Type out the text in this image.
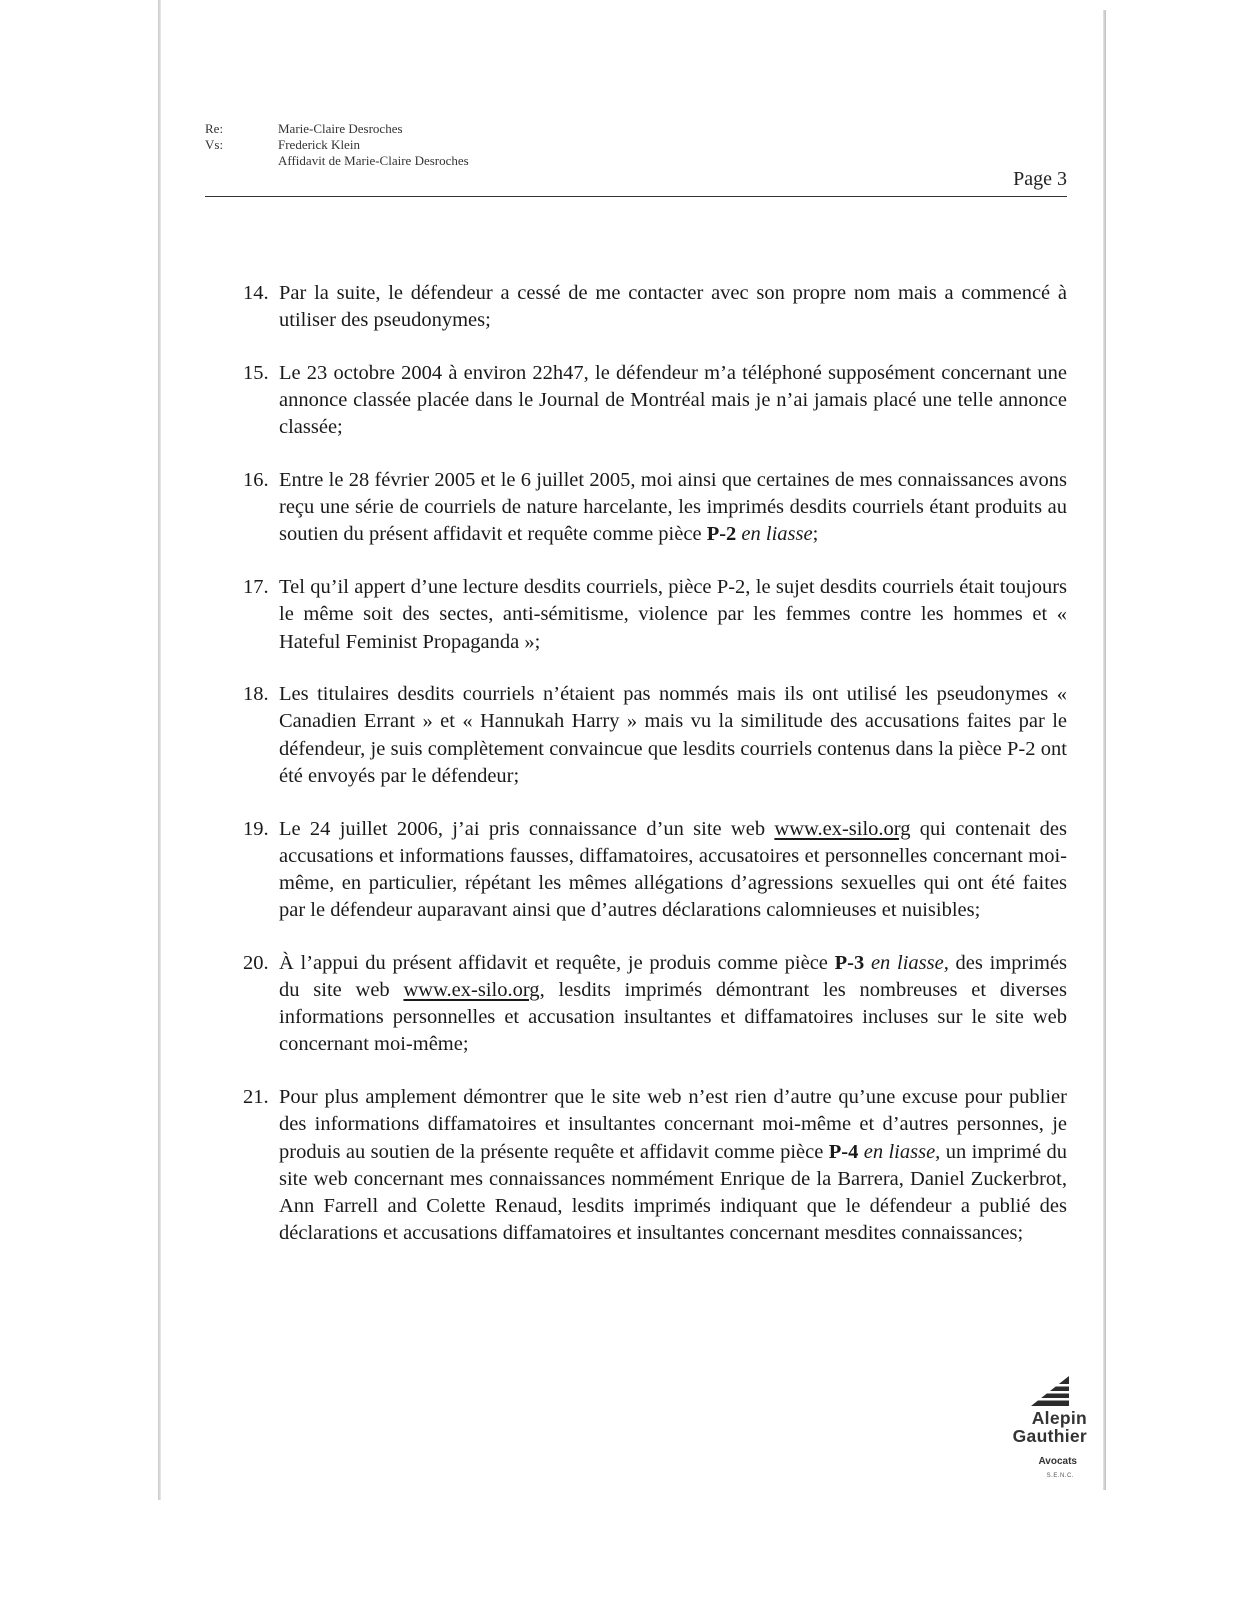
Re:	Marie-Claire Desroches
Vs:	Frederick Klein
Affidavit de Marie-Claire Desroches
Page 3
14. Par la suite, le défendeur a cessé de me contacter avec son propre nom mais a commencé à utiliser des pseudonymes;
15. Le 23 octobre 2004 à environ 22h47, le défendeur m’a téléphoné supposément concernant une annonce classée placée dans le Journal de Montréal mais je n’ai jamais placé une telle annonce classée;
16. Entre le 28 février 2005 et le 6 juillet 2005, moi ainsi que certaines de mes connaissances avons reçu une série de courriels de nature harcelante, les imprimés desdits courriels étant produits au soutien du présent affidavit et requête comme pièce P-2 en liasse;
17. Tel qu’il appert d’une lecture desdits courriels, pièce P-2, le sujet desdits courriels était toujours le même soit des sectes, anti-sémitisme, violence par les femmes contre les hommes et « Hateful Feminist Propaganda »;
18. Les titulaires desdits courriels n’étaient pas nommés mais ils ont utilisé les pseudonymes « Canadien Errant » et « Hannukah Harry » mais vu la similitude des accusations faites par le défendeur, je suis complètement convaincue que lesdits courriels contenus dans la pièce P-2 ont été envoyés par le défendeur;
19. Le 24 juillet 2006, j’ai pris connaissance d’un site web www.ex-silo.org qui contenait des accusations et informations fausses, diffamatoires, accusatoires et personnelles concernant moi-même, en particulier, répétant les mêmes allégations d’agressions sexuelles qui ont été faites par le défendeur auparavant ainsi que d’autres déclarations calomnieuses et nuisibles;
20. À l’appui du présent affidavit et requête, je produis comme pièce P-3 en liasse, des imprimés du site web www.ex-silo.org, lesdits imprimés démontrant les nombreuses et diverses informations personnelles et accusation insultantes et diffamatoires incluses sur le site web concernant moi-même;
21. Pour plus amplement démontrer que le site web n’est rien d’autre qu’une excuse pour publier des informations diffamatoires et insultantes concernant moi-même et d’autres personnes, je produis au soutien de la présente requête et affidavit comme pièce P-4 en liasse, un imprimé du site web concernant mes connaissances nommément Enrique de la Barrera, Daniel Zuckerbrot, Ann Farrell and Colette Renaud, lesdits imprimés indiquant que le défendeur a publié des déclarations et accusations diffamatoires et insultantes concernant mesdites connaissances;
Alepin
Gauthier
Avocats
S.E.N.C.
